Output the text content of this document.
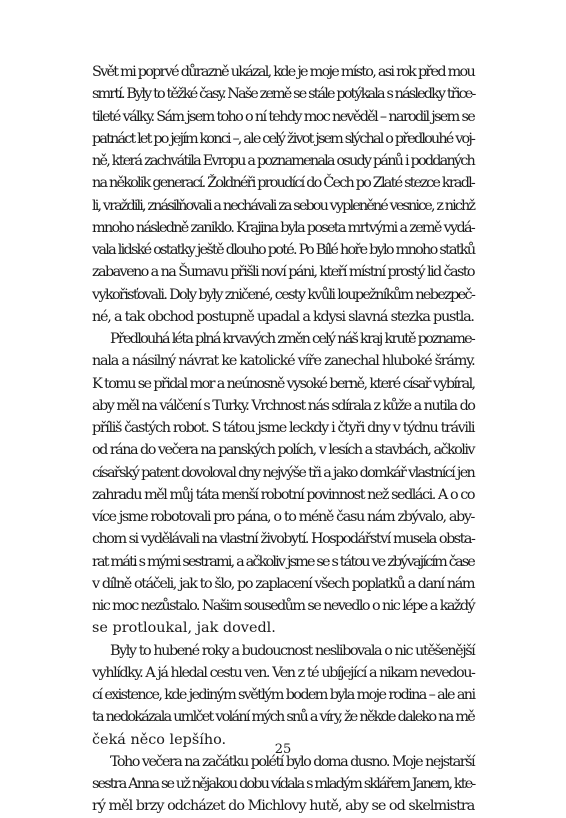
Svět mi poprvé důrazně ukázal, kde je moje místo, asi rok před mou
smrtí. Byly to těžké časy. Naše země se stále potýkala s následky třice-
tileté války. Sám jsem toho o ní tehdy moc nevěděl – narodil jsem se
patnáct let po jejím konci –, ale celý život jsem slýchal o předlouhé voj-
ně, která zachvátila Evropu a poznamenala osudy pánů i poddaných
na několik generací. Žoldnéři proudící do Čech po Zlaté stezce kradl-
li, vraždili, znásilňovali a nechávali za sebou vypleněné vesnice, z nichž
mnoho následně zaniklo. Krajina byla poseta mrtvými a země vydá-
vala lidské ostatky ještě dlouho poté. Po Bílé hoře bylo mnoho statků
zabaveno a na Šumavu přišli noví páni, kteří místní prostý lid často
vykořisťovali. Doly byly zničené, cesty kvůli loupežníkům nebezpeč-
né, a tak obchod postupně upadal a kdysi slavná stezka pustla.
Předlouhá léta plná krvavých změn celý náš kraj krutě poznamе-
nala a násilný návrat ke katolické víře zanechal hluboké šrámy.
K tomu se přidal mor a neúnosně vysoké berně, které císař vybíral,
aby měl na válčení s Turky. Vrchnost nás sdírala z kůže a nutila do
příliš častých robot. S tátou jsme leckdy i čtyři dny v týdnu trávili
od rána do večera na panských polích, v lesích a stavbách, ačkoliv
císařský patent dovoloval dny nejvýše tři a jako domkář vlastnící jen
zahradu měl můj táta menší robotní povinnost než sedláci. A o co
více jsme robotovali pro pána, o to méně času nám zbývalo, aby-
chom si vydělávali na vlastní živobytí. Hospodářství musela obsta-
rat máti s mými sestrami, a ačkoliv jsme se s tátou ve zbývajícím čase
v dílně otáčeli, jak to šlo, po zaplacení všech poplatků a daní nám
nic moc nezůstalo. Našim sousedům se nevedlo o nic lépe a každý
se protloukal, jak dovedl.
Byly to hubené roky a budoucnost neslibovala o nic utěšenější
vyhlídky. A já hledal cestu ven. Ven z té ubíjející a nikam nevedou-
cí existence, kde jediným světlým bodem byla moje rodina – ale ani
ta nedokázala umlčet volání mých snů a víry, že někde daleko na mě
čeká něco lepšího.
Toho večera na začátku polétí bylo doma dusno. Moje nejstarší
sestra Anna se už nějakou dobu vídala s mladým sklářem Janem, kte-
rý měl brzy odcházet do Michlovy hutě, aby se od skelmistra
25
